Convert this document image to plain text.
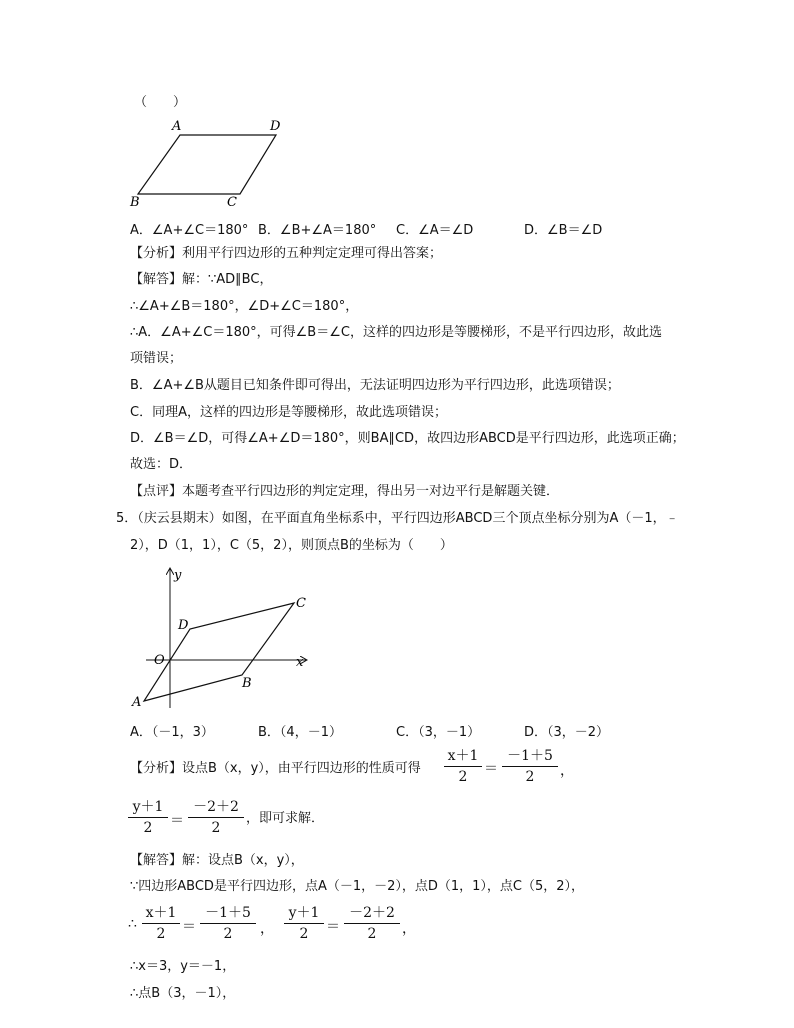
（　　）
A	D
B	C
A．∠A+∠C＝180° B．∠B+∠A＝180° C．∠A＝∠D	D．∠B＝∠D
【分析】利用平行四边形的五种判定定理可得出答案；
【解答】解：∵AD∥BC，
∴∠A+∠B＝180°，∠D+∠C＝180°，
∴A．∠A+∠C＝180°，可得∠B＝∠C，这样的四边形是等腰梯形，不是平行四边形，故此选
项错误；
B．∠A+∠B从题目已知条件即可得出，无法证明四边形为平行四边形，此选项错误；
C．同理A，这样的四边形是等腰梯形，故此选项错误；
D．∠B＝∠D，可得∠A+∠D＝180°，则BA∥CD，故四边形ABCD是平行四边形，此选项正确；
故选：D．
【点评】本题考查平行四边形的判定定理，得出另一对边平行是解题关键．
5．（庆云县期末）如图，在平面直角坐标系中，平行四边形ABCD三个顶点坐标分别为A（－1，﹣
2），D（1，1），C（5，2），则顶点B的坐标为（　　）
y
x
O
A
B
C
D
A．（－1，3）	B．（4，－1）	C．（3，－1）	D．（3，－2）
【分析】设点B（x，y），由平行四边形的性质可得
x＋1
2	＝
－1＋5
2	，
y＋1
2	＝
－2＋2
2
，即可求解．
【解答】解：设点B（x，y），
∵四边形ABCD是平行四边形，点A（－1，－2），点D（1，1），点C（5，2），
∴
x＋1
2	＝
－1＋5
2	，
y＋1
2	＝
－2＋2
2	，
∴x＝3，y＝－1，
∴点B（3，－1），
